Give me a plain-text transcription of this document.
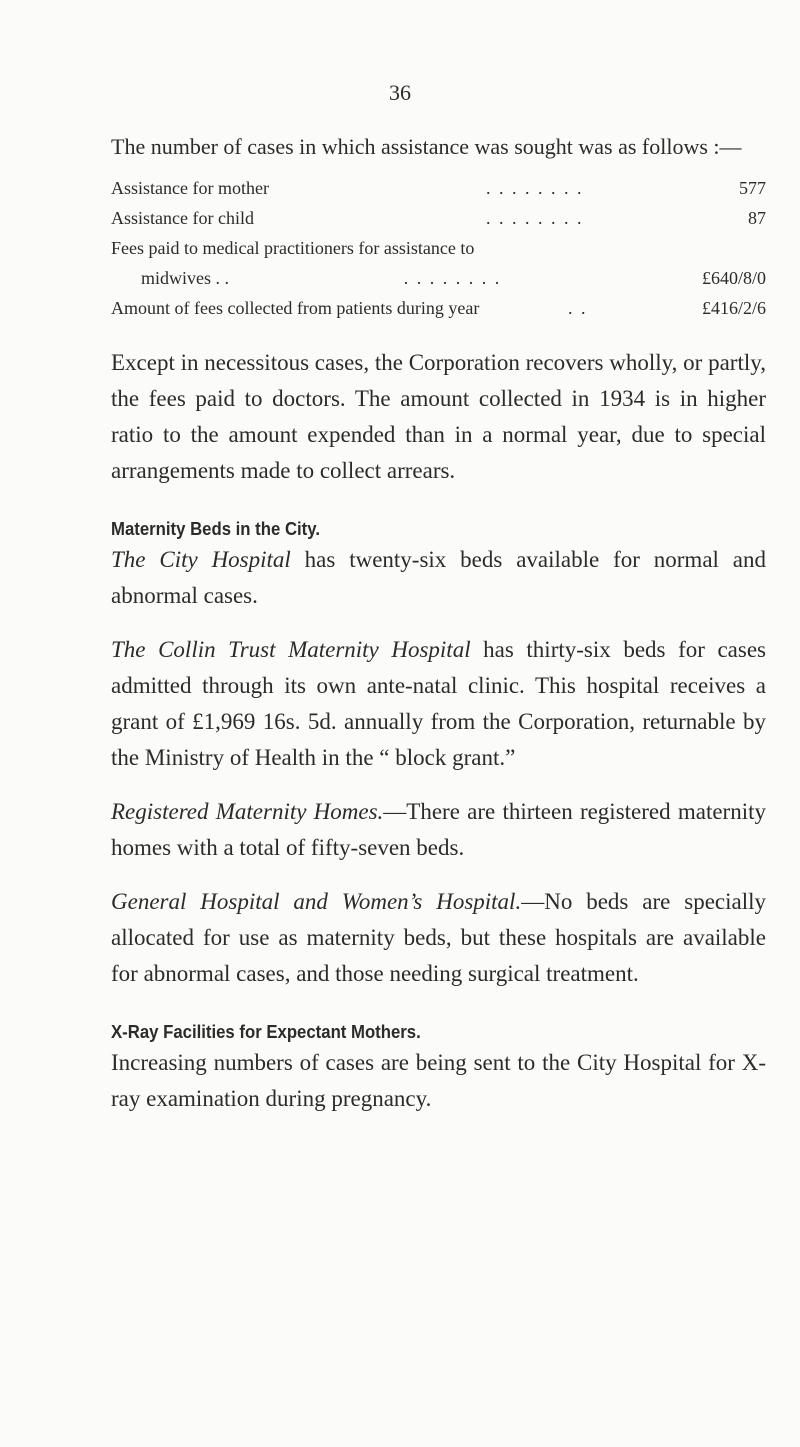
36

The number of cases in which assistance was sought was as follows :—

Assistance for mother	. . . . . . . .	577
Assistance for child	. . . . . . . .	87
Fees paid to medical practitioners for assistance to
midwives . .	. . . . . . . .	£640/8/0
Amount of fees collected from patients during year	. .	£416/2/6

Except in necessitous cases, the Corporation recovers wholly, or partly, the fees paid to doctors. The amount collected in 1934 is in higher ratio to the amount expended than in a normal year, due to special arrangements made to collect arrears.

Maternity Beds in the City.

The City Hospital has twenty-six beds available for normal and abnormal cases.

The Collin Trust Maternity Hospital has thirty-six beds for cases admitted through its own ante-natal clinic. This hospital receives a grant of £1,969 16s. 5d. annually from the Corporation, returnable by the Ministry of Health in the “ block grant.”

Registered Maternity Homes.—There are thirteen registered maternity homes with a total of fifty-seven beds.

General Hospital and Women’s Hospital.—No beds are specially allocated for use as maternity beds, but these hospitals are available for abnormal cases, and those needing surgical treatment.

X-Ray Facilities for Expectant Mothers.

Increasing numbers of cases are being sent to the City Hospital for X-ray examination during pregnancy.
